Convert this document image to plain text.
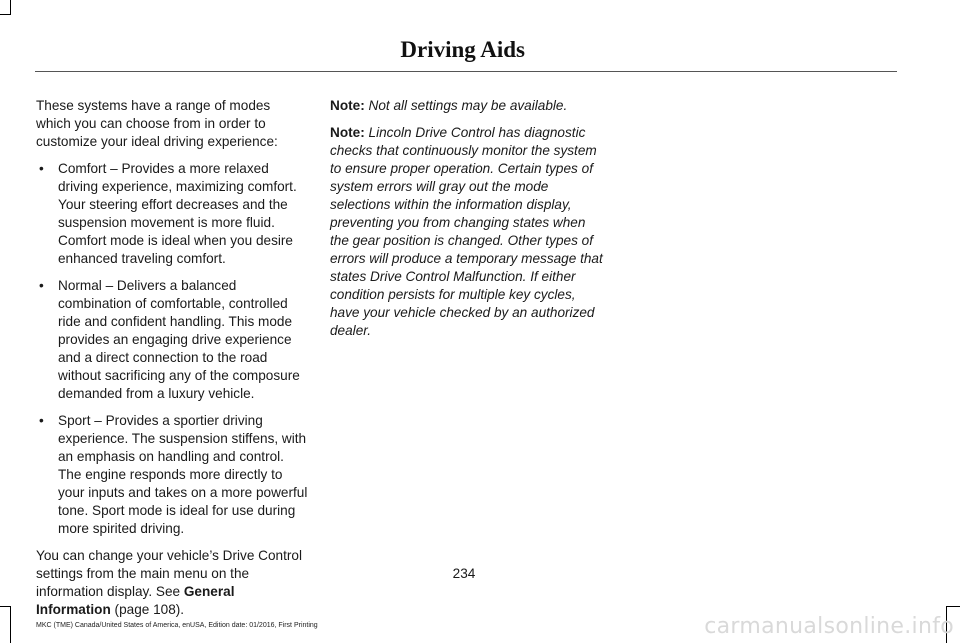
Driving Aids

These systems have a range of modes which you can choose from in order to customize your ideal driving experience:

• Comfort – Provides a more relaxed driving experience, maximizing comfort. Your steering effort decreases and the suspension movement is more fluid. Comfort mode is ideal when you desire enhanced traveling comfort.
• Normal – Delivers a balanced combination of comfortable, controlled ride and confident handling. This mode provides an engaging drive experience and a direct connection to the road without sacrificing any of the composure demanded from a luxury vehicle.
• Sport – Provides a sportier driving experience. The suspension stiffens, with an emphasis on handling and control. The engine responds more directly to your inputs and takes on a more powerful tone. Sport mode is ideal for use during more spirited driving.

You can change your vehicle’s Drive Control settings from the main menu on the information display. See General Information (page 108).

Note: Not all settings may be available.

Note: Lincoln Drive Control has diagnostic checks that continuously monitor the system to ensure proper operation. Certain types of system errors will gray out the mode selections within the information display, preventing you from changing states when the gear position is changed. Other types of errors will produce a temporary message that states Drive Control Malfunction. If either condition persists for multiple key cycles, have your vehicle checked by an authorized dealer.

234
MKC (TME) Canada/United States of America, enUSA, Edition date: 01/2016, First Printing	carmanualsonline.info
